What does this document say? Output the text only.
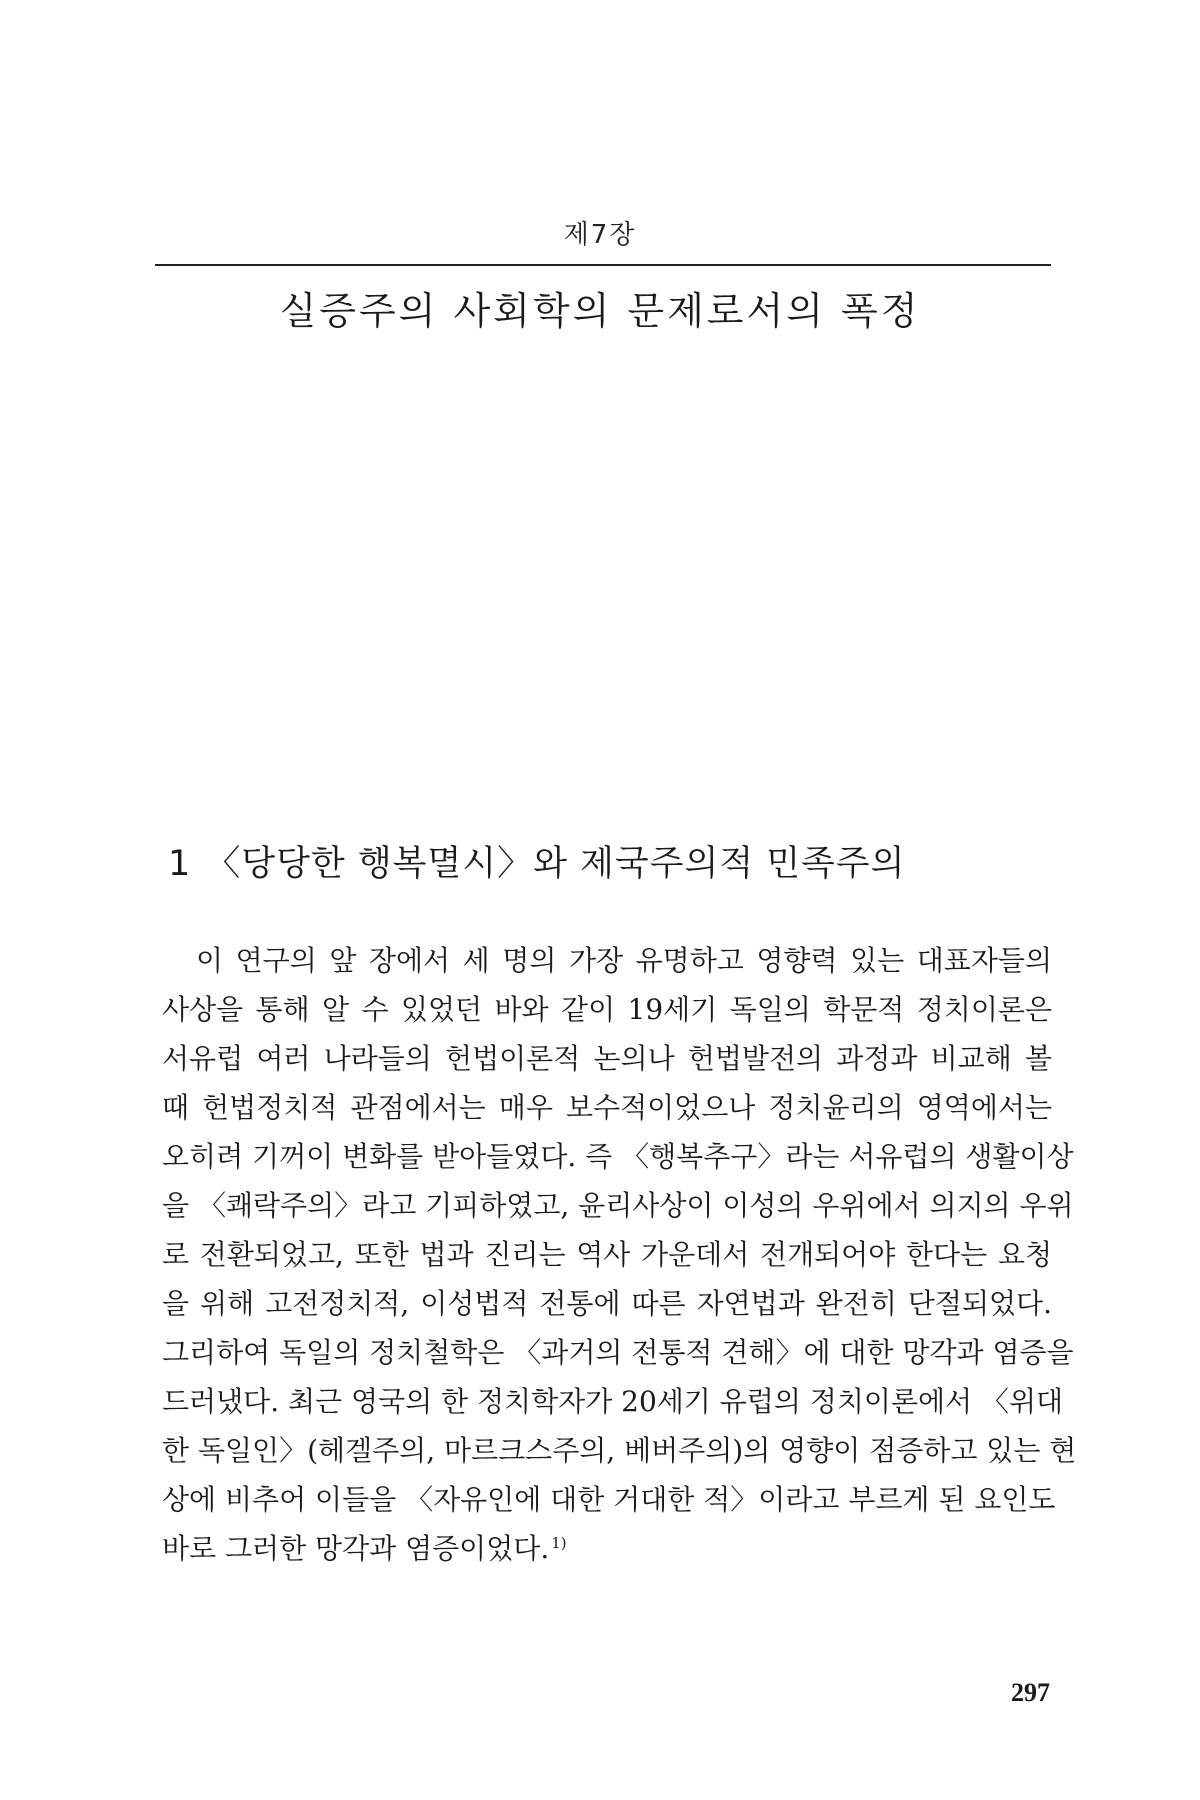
제7장
실증주의 사회학의 문제로서의 폭정
1 〈당당한 행복멸시〉와 제국주의적 민족주의
이 연구의 앞 장에서 세 명의 가장 유명하고 영향력 있는 대표자들의
사상을 통해 알 수 있었던 바와 같이 19세기 독일의 학문적 정치이론은
서유럽 여러 나라들의 헌법이론적 논의나 헌법발전의 과정과 비교해 볼
때 헌법정치적 관점에서는 매우 보수적이었으나 정치윤리의 영역에서는
오히려 기꺼이 변화를 받아들였다. 즉 〈행복추구〉라는 서유럽의 생활이상
을 〈쾌락주의〉라고 기피하였고, 윤리사상이 이성의 우위에서 의지의 우위
로 전환되었고, 또한 법과 진리는 역사 가운데서 전개되어야 한다는 요청
을 위해 고전정치적, 이성법적 전통에 따른 자연법과 완전히 단절되었다.
그리하여 독일의 정치철학은 〈과거의 전통적 견해〉에 대한 망각과 염증을
드러냈다. 최근 영국의 한 정치학자가 20세기 유럽의 정치이론에서 〈위대
한 독일인〉(헤겔주의, 마르크스주의, 베버주의)의 영향이 점증하고 있는 현
상에 비추어 이들을 〈자유인에 대한 거대한 적〉이라고 부르게 된 요인도
바로 그러한 망각과 염증이었다. $^{1)}$
297
